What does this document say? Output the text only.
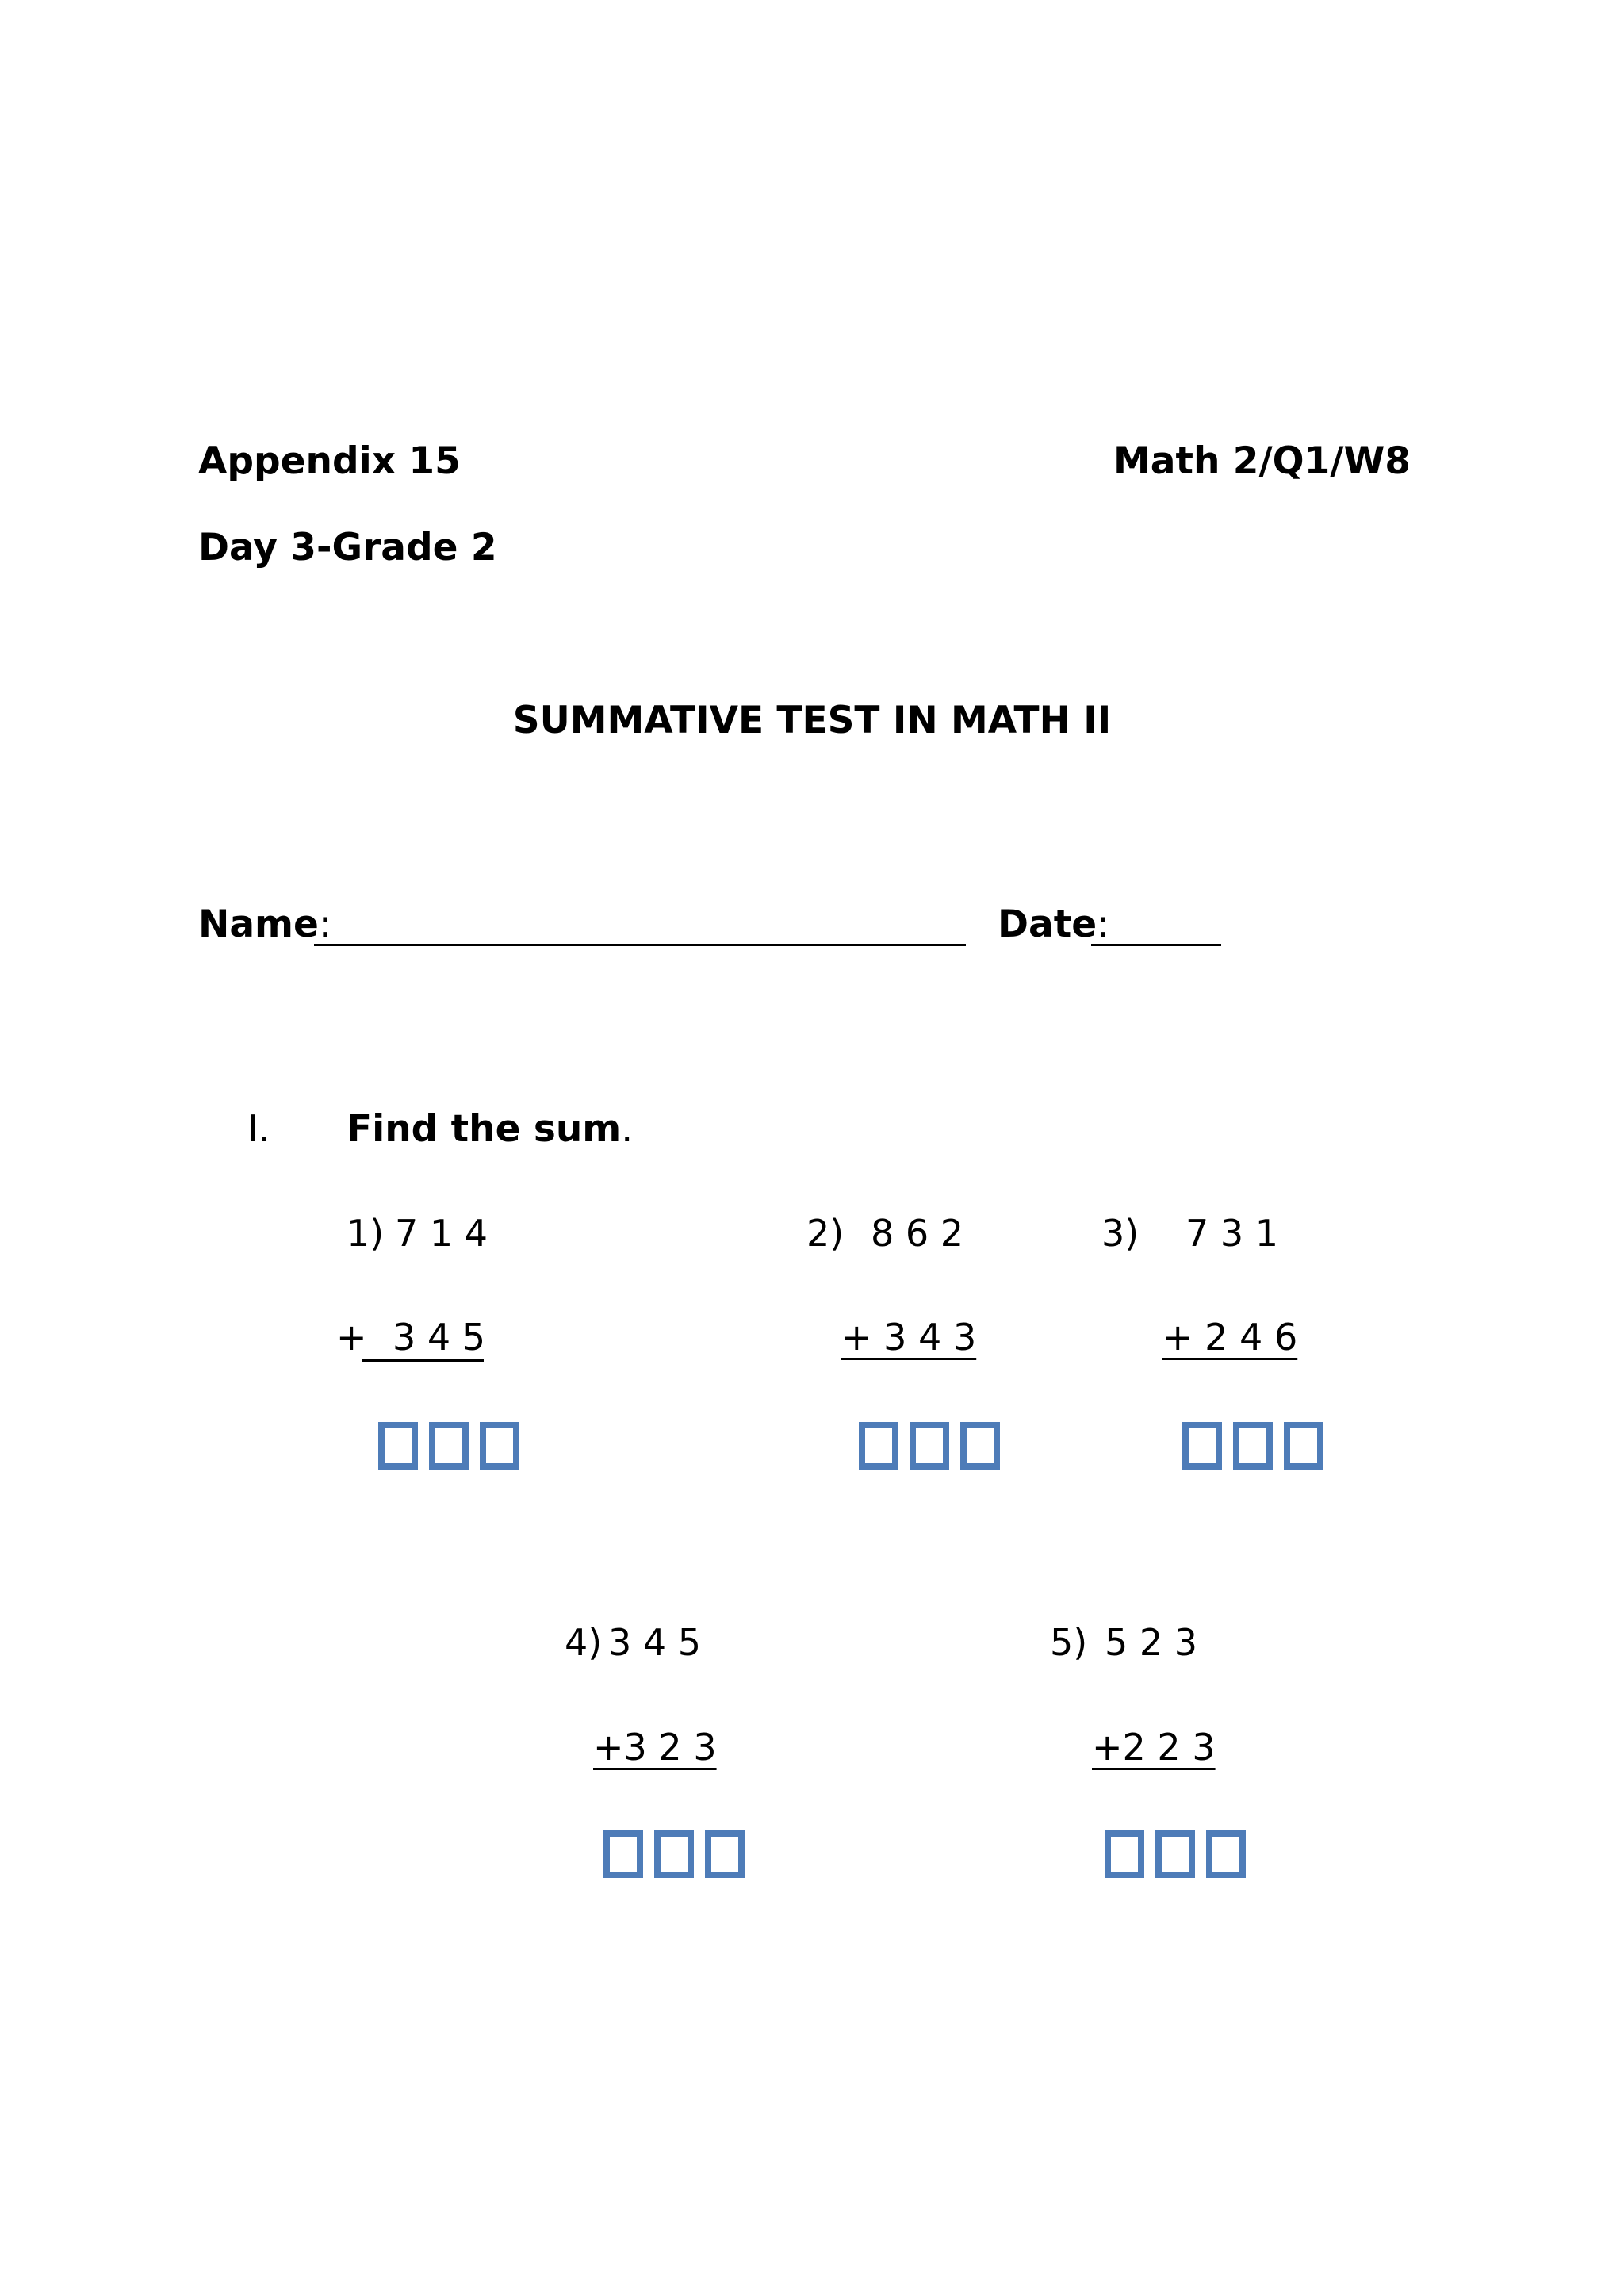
Appendix 15	Math 2/Q1/W8
Day 3-Grade 2
SUMMATIVE TEST IN MATH II
Name:	Date:
I. Find the sum.
1) 7 1 4
+ 3 4 5
2) 8 6 2
+ 3 4 3
3) 7 3 1
+ 2 4 6
4) 3 4 5
+3 2 3
5) 5 2 3
+2 2 3
